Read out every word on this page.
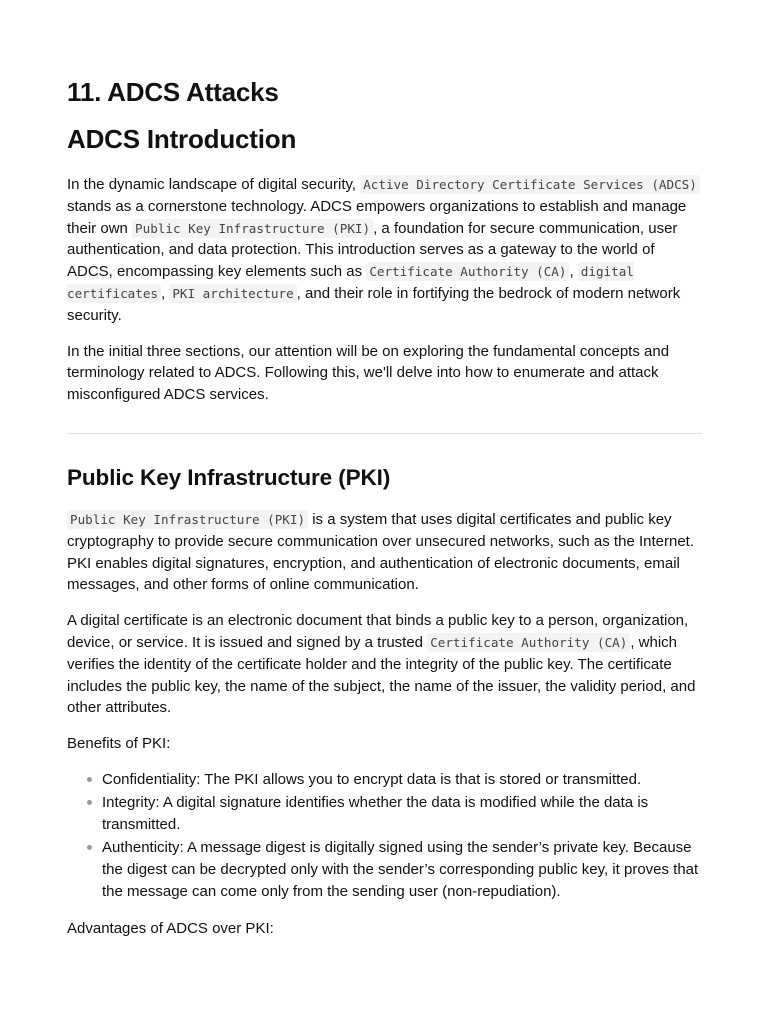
11. ADCS Attacks
ADCS Introduction

In the dynamic landscape of digital security, Active Directory Certificate Services (ADCS) stands as a cornerstone technology. ADCS empowers organizations to establish and manage their own Public Key Infrastructure (PKI) , a foundation for secure communication, user authentication, and data protection. This introduction serves as a gateway to the world of ADCS, encompassing key elements such as Certificate Authority (CA) , digital certificates , PKI architecture , and their role in fortifying the bedrock of modern network security.

In the initial three sections, our attention will be on exploring the fundamental concepts and terminology related to ADCS. Following this, we'll delve into how to enumerate and attack misconfigured ADCS services.

Public Key Infrastructure (PKI)

Public Key Infrastructure (PKI) is a system that uses digital certificates and public key cryptography to provide secure communication over unsecured networks, such as the Internet. PKI enables digital signatures, encryption, and authentication of electronic documents, email messages, and other forms of online communication.

A digital certificate is an electronic document that binds a public key to a person, organization, device, or service. It is issued and signed by a trusted Certificate Authority (CA) , which verifies the identity of the certificate holder and the integrity of the public key. The certificate includes the public key, the name of the subject, the name of the issuer, the validity period, and other attributes.

Benefits of PKI:

Confidentiality: The PKI allows you to encrypt data is that is stored or transmitted.
Integrity: A digital signature identifies whether the data is modified while the data is transmitted.
Authenticity: A message digest is digitally signed using the sender’s private key. Because the digest can be decrypted only with the sender’s corresponding public key, it proves that the message can come only from the sending user (non-repudiation).

Advantages of ADCS over PKI:
